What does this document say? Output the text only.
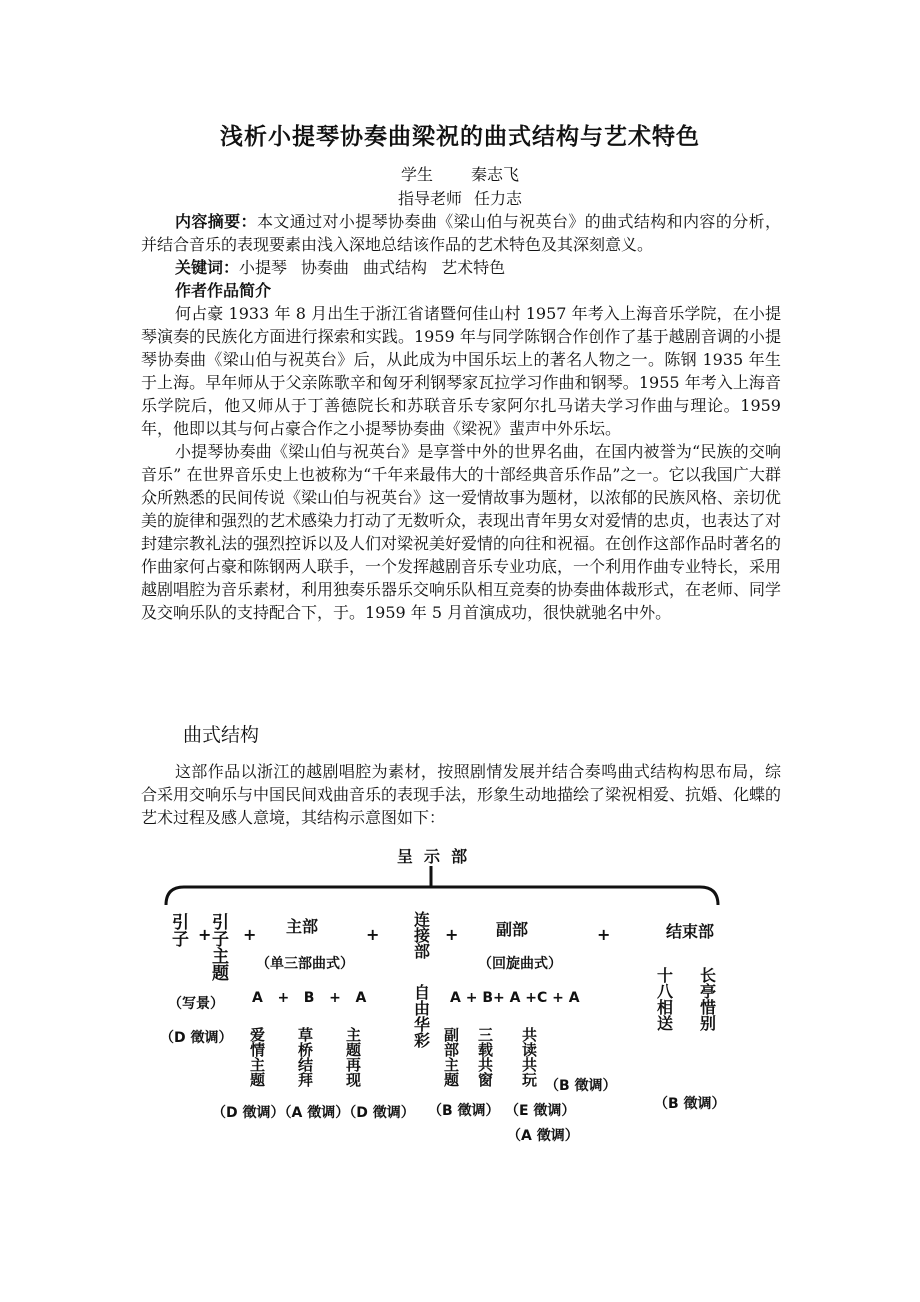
浅析小提琴协奏曲梁祝的曲式结构与艺术特色
学生 秦志飞
指导老师 任力志

内容摘要：本文通过对小提琴协奏曲《梁山伯与祝英台》的曲式结构和内容的分析，并结合音乐的表现要素由浅入深地总结该作品的艺术特色及其深刻意义。

关键词：小提琴 协奏曲 曲式结构 艺术特色

作者作品简介

何占豪 1933 年 8 月出生于浙江省诸暨何佳山村 1957 年考入上海音乐学院，在小提琴演奏的民族化方面进行探索和实践。1959 年与同学陈钢合作创作了基于越剧音调的小提琴协奏曲《梁山伯与祝英台》后，从此成为中国乐坛上的著名人物之一。陈钢 1935 年生于上海。早年师从于父亲陈歌辛和匈牙利钢琴家瓦拉学习作曲和钢琴。1955 年考入上海音乐学院后，他又师从于丁善德院长和苏联音乐专家阿尔扎马诺夫学习作曲与理论。1959 年，他即以其与何占豪合作之小提琴协奏曲《梁祝》蜚声中外乐坛。

小提琴协奏曲《梁山伯与祝英台》是享誉中外的世界名曲，在国内被誉为“民族的交响音乐” 在世界音乐史上也被称为“千年来最伟大的十部经典音乐作品”之一。它以我国广大群众所熟悉的民间传说《梁山伯与祝英台》这一爱情故事为题材，以浓郁的民族风格、亲切优美的旋律和强烈的艺术感染力打动了无数听众，表现出青年男女对爱情的忠贞，也表达了对封建宗教礼法的强烈控诉以及人们对梁祝美好爱情的向往和祝福。在创作这部作品时著名的作曲家何占豪和陈钢两人联手，一个发挥越剧音乐专业功底，一个利用作曲专业特长，采用越剧唱腔为音乐素材，利用独奏乐器乐交响乐队相互竞奏的协奏曲体裁形式，在老师、同学及交响乐队的支持配合下，于。1959 年 5 月首演成功，很快就驰名中外。

曲式结构

这部作品以浙江的越剧唱腔为素材，按照剧情发展并结合奏鸣曲式结构构思布局，综合采用交响乐与中国民间戏曲音乐的表现手法，形象生动地描绘了梁祝相爱、抗婚、化蝶的艺术过程及感人意境，其结构示意图如下：

呈  示  部
引子 +
引子主题
+
（写景）
（D 徵调）
主部	+
（单三部曲式）
A   +   B   +   A
爱情主题
草桥结拜
主题再现
（D 徵调）（A 徵调）（D 徵调）
连接部
+
自由华彩
副部	+
（回旋曲式）
A + B+ A +C + A
副部主题
三载共窗
共读共玩
（B 徵调） （E 徵调）
（A 徵调）
（B 徵调）
结束部
十八相送
长亭惜别
（B 徵调）
